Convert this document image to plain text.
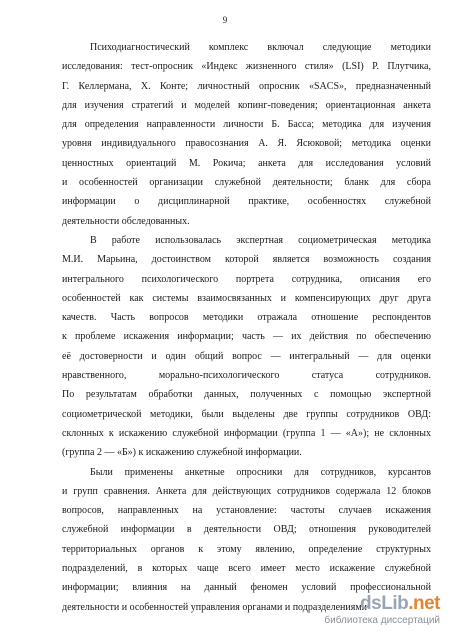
9
Психодиагностический комплекс включал следующие методики
исследования: тест-опросник «Индекс жизненного стиля» (LSI) Р. Плутчика,
Г. Келлермана, Х. Конте; личностный опросник «SACS», предназначенный
для изучения стратегий и моделей копинг-поведения; ориентационная анкета
для определения направленности личности Б. Басса; методика для изучения
уровня индивидуального правосознания А. Я. Ясюковой; методика оценки
ценностных ориентаций М. Рокича; анкета для исследования условий
и особенностей организации служебной деятельности; бланк для сбора
информации о дисциплинарной практике, особенностях служебной
деятельности обследованных.
В работе использовалась экспертная социометрическая методика
М.И. Марьина, достоинством которой является возможность создания
интегрального психологического портрета сотрудника, описания его
особенностей как системы взаимосвязанных и компенсирующих друг друга
качеств. Часть вопросов методики отражала отношение респондентов
к проблеме искажения информации; часть — их действия по обеспечению
её достоверности и один общий вопрос — интегральный — для оценки
нравственного, морально-психологического статуса сотрудников.
По результатам обработки данных, полученных с помощью экспертной
социометрической методики, были выделены две группы сотрудников ОВД:
склонных к искажению служебной информации (группа 1 — «А»); не склонных
(группа 2 — «Б») к искажению служебной информации.
Были применены анкетные опросники для сотрудников, курсантов
и групп сравнения. Анкета для действующих сотрудников содержала 12 блоков
вопросов, направленных на установление: частоты случаев искажения
служебной информации в деятельности ОВД; отношения руководителей
территориальных органов к этому явлению, определение структурных
подразделений, в которых чаще всего имеет место искажение служебной
информации; влияния на данный феномен условий профессиональной
деятельности и особенностей управления органами и подразделениями
dsLib.net
библиотека диссертаций
